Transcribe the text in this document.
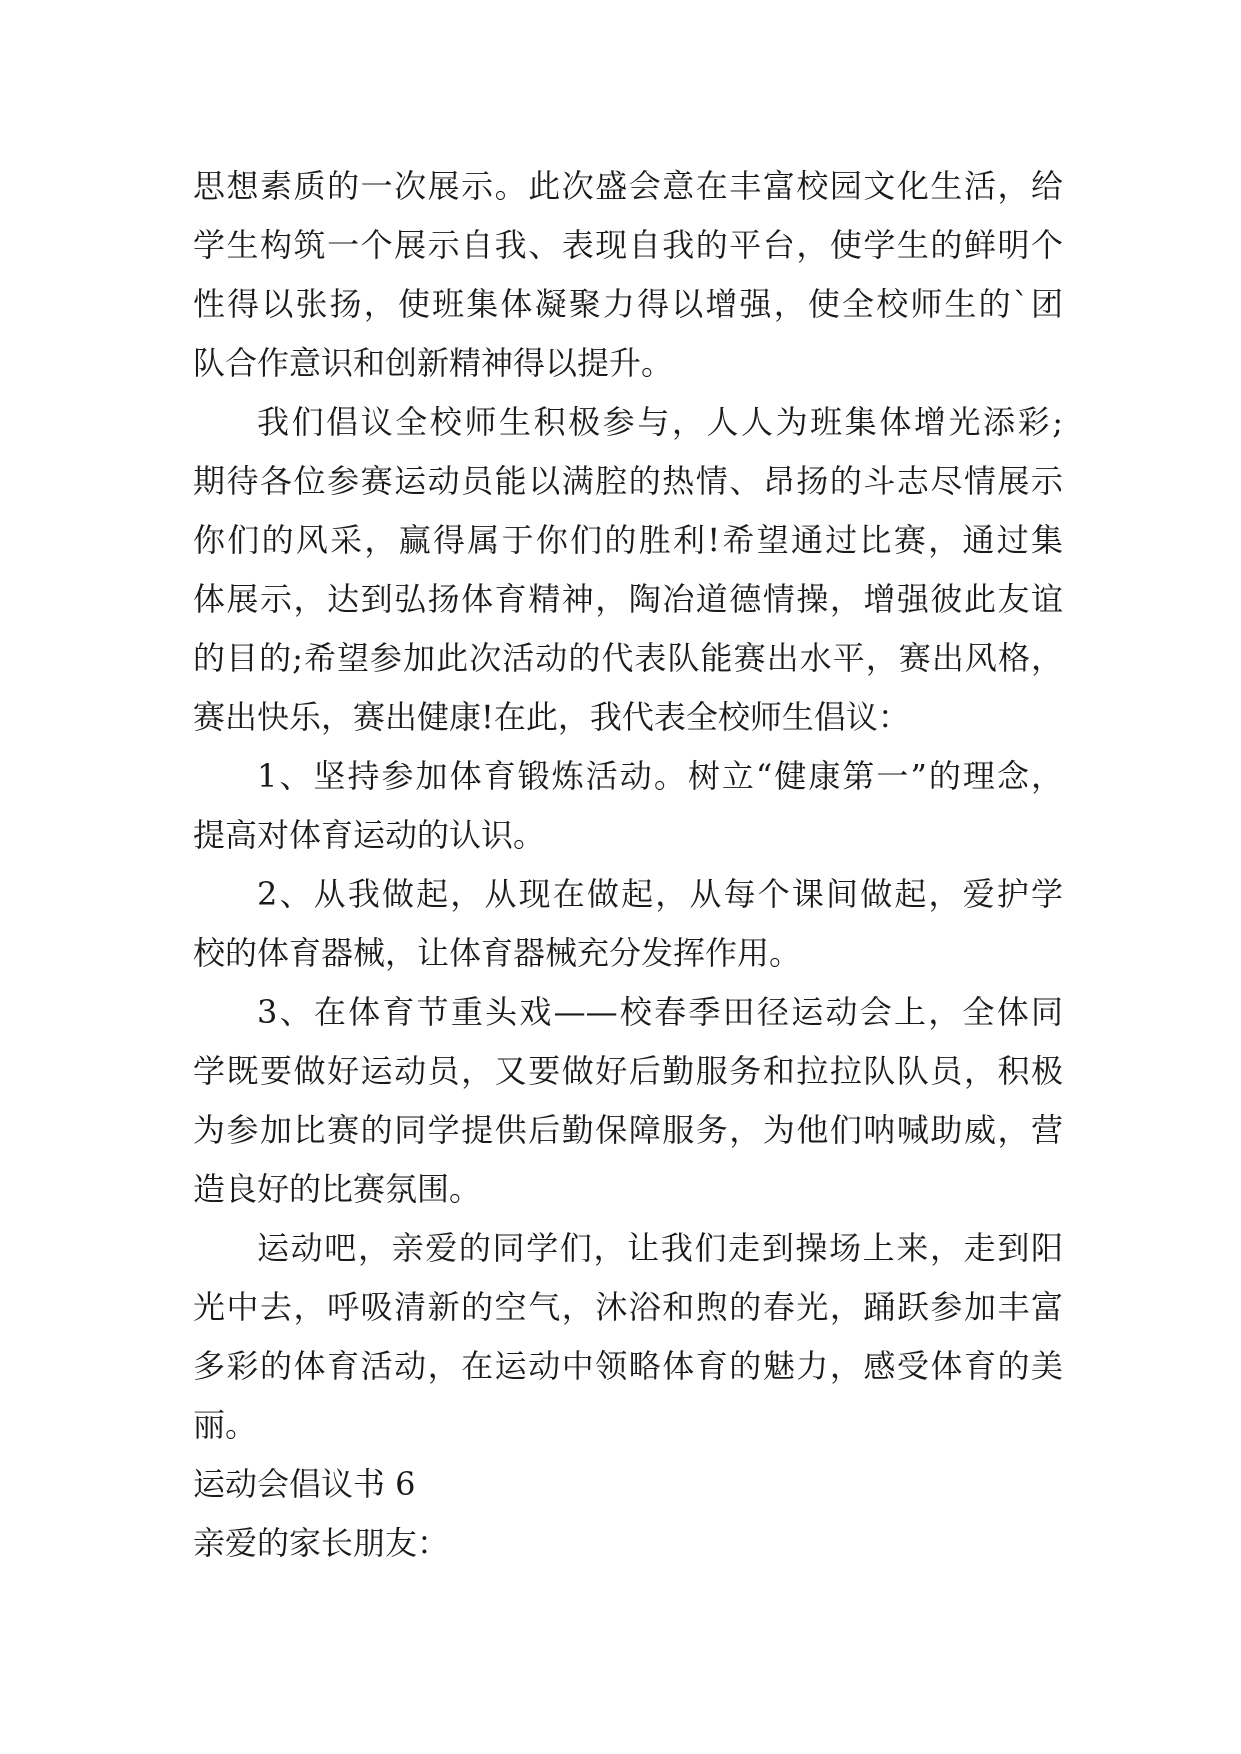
思想素质的一次展示。此次盛会意在丰富校园文化生活，给
学生构筑一个展示自我、表现自我的平台，使学生的鲜明个
性得以张扬，使班集体凝聚力得以增强，使全校师生的`团
队合作意识和创新精神得以提升。
我们倡议全校师生积极参与，人人为班集体增光添彩;
期待各位参赛运动员能以满腔的热情、昂扬的斗志尽情展示
你们的风采，赢得属于你们的胜利!希望通过比赛，通过集
体展示，达到弘扬体育精神，陶冶道德情操，增强彼此友谊
的目的;希望参加此次活动的代表队能赛出水平，赛出风格，
赛出快乐，赛出健康!在此，我代表全校师生倡议：
1、坚持参加体育锻炼活动。树立“健康第一”的理念，
提高对体育运动的认识。
2、从我做起，从现在做起，从每个课间做起，爱护学
校的体育器械，让体育器械充分发挥作用。
3、在体育节重头戏——校春季田径运动会上，全体同
学既要做好运动员，又要做好后勤服务和拉拉队队员，积极
为参加比赛的同学提供后勤保障服务，为他们呐喊助威，营
造良好的比赛氛围。
运动吧，亲爱的同学们，让我们走到操场上来，走到阳
光中去，呼吸清新的空气，沐浴和煦的春光，踊跃参加丰富
多彩的体育活动，在运动中领略体育的魅力，感受体育的美
丽。
运动会倡议书 6
亲爱的家长朋友：
